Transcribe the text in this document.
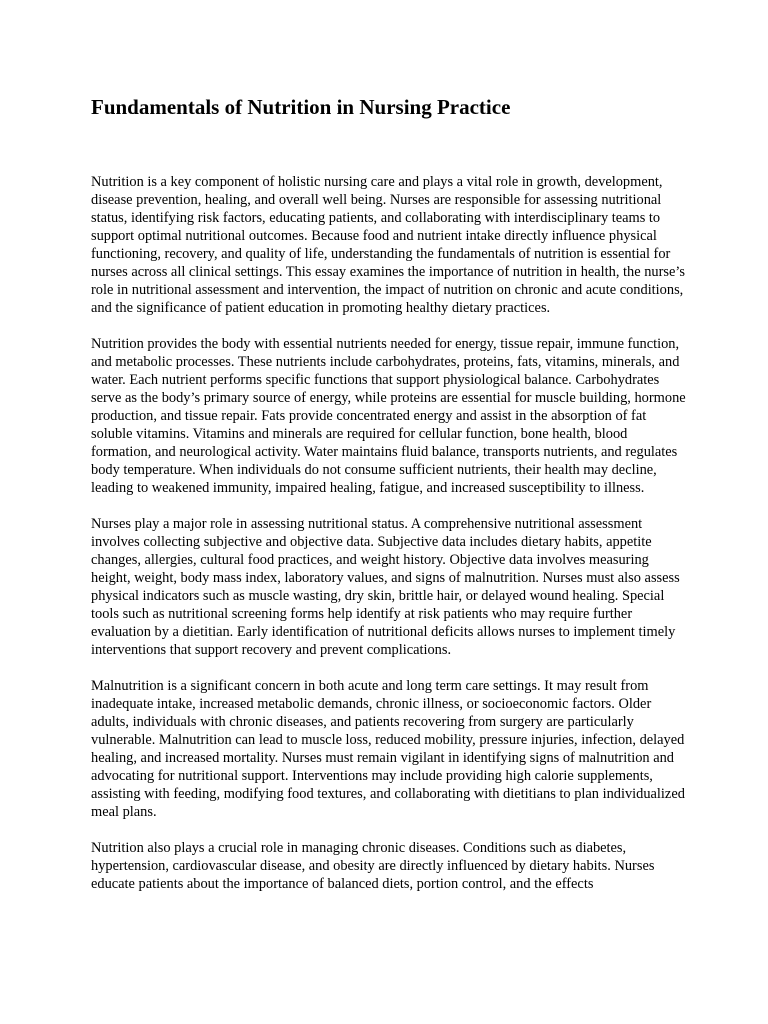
Fundamentals of Nutrition in Nursing Practice

Nutrition is a key component of holistic nursing care and plays a vital role in growth, development, disease prevention, healing, and overall well being. Nurses are responsible for assessing nutritional status, identifying risk factors, educating patients, and collaborating with interdisciplinary teams to support optimal nutritional outcomes. Because food and nutrient intake directly influence physical functioning, recovery, and quality of life, understanding the fundamentals of nutrition is essential for nurses across all clinical settings. This essay examines the importance of nutrition in health, the nurse’s role in nutritional assessment and intervention, the impact of nutrition on chronic and acute conditions, and the significance of patient education in promoting healthy dietary practices.

Nutrition provides the body with essential nutrients needed for energy, tissue repair, immune function, and metabolic processes. These nutrients include carbohydrates, proteins, fats, vitamins, minerals, and water. Each nutrient performs specific functions that support physiological balance. Carbohydrates serve as the body’s primary source of energy, while proteins are essential for muscle building, hormone production, and tissue repair. Fats provide concentrated energy and assist in the absorption of fat soluble vitamins. Vitamins and minerals are required for cellular function, bone health, blood formation, and neurological activity. Water maintains fluid balance, transports nutrients, and regulates body temperature. When individuals do not consume sufficient nutrients, their health may decline, leading to weakened immunity, impaired healing, fatigue, and increased susceptibility to illness.

Nurses play a major role in assessing nutritional status. A comprehensive nutritional assessment involves collecting subjective and objective data. Subjective data includes dietary habits, appetite changes, allergies, cultural food practices, and weight history. Objective data involves measuring height, weight, body mass index, laboratory values, and signs of malnutrition. Nurses must also assess physical indicators such as muscle wasting, dry skin, brittle hair, or delayed wound healing. Special tools such as nutritional screening forms help identify at risk patients who may require further evaluation by a dietitian. Early identification of nutritional deficits allows nurses to implement timely interventions that support recovery and prevent complications.

Malnutrition is a significant concern in both acute and long term care settings. It may result from inadequate intake, increased metabolic demands, chronic illness, or socioeconomic factors. Older adults, individuals with chronic diseases, and patients recovering from surgery are particularly vulnerable. Malnutrition can lead to muscle loss, reduced mobility, pressure injuries, infection, delayed healing, and increased mortality. Nurses must remain vigilant in identifying signs of malnutrition and advocating for nutritional support. Interventions may include providing high calorie supplements, assisting with feeding, modifying food textures, and collaborating with dietitians to plan individualized meal plans.

Nutrition also plays a crucial role in managing chronic diseases. Conditions such as diabetes, hypertension, cardiovascular disease, and obesity are directly influenced by dietary habits. Nurses educate patients about the importance of balanced diets, portion control, and the effects
